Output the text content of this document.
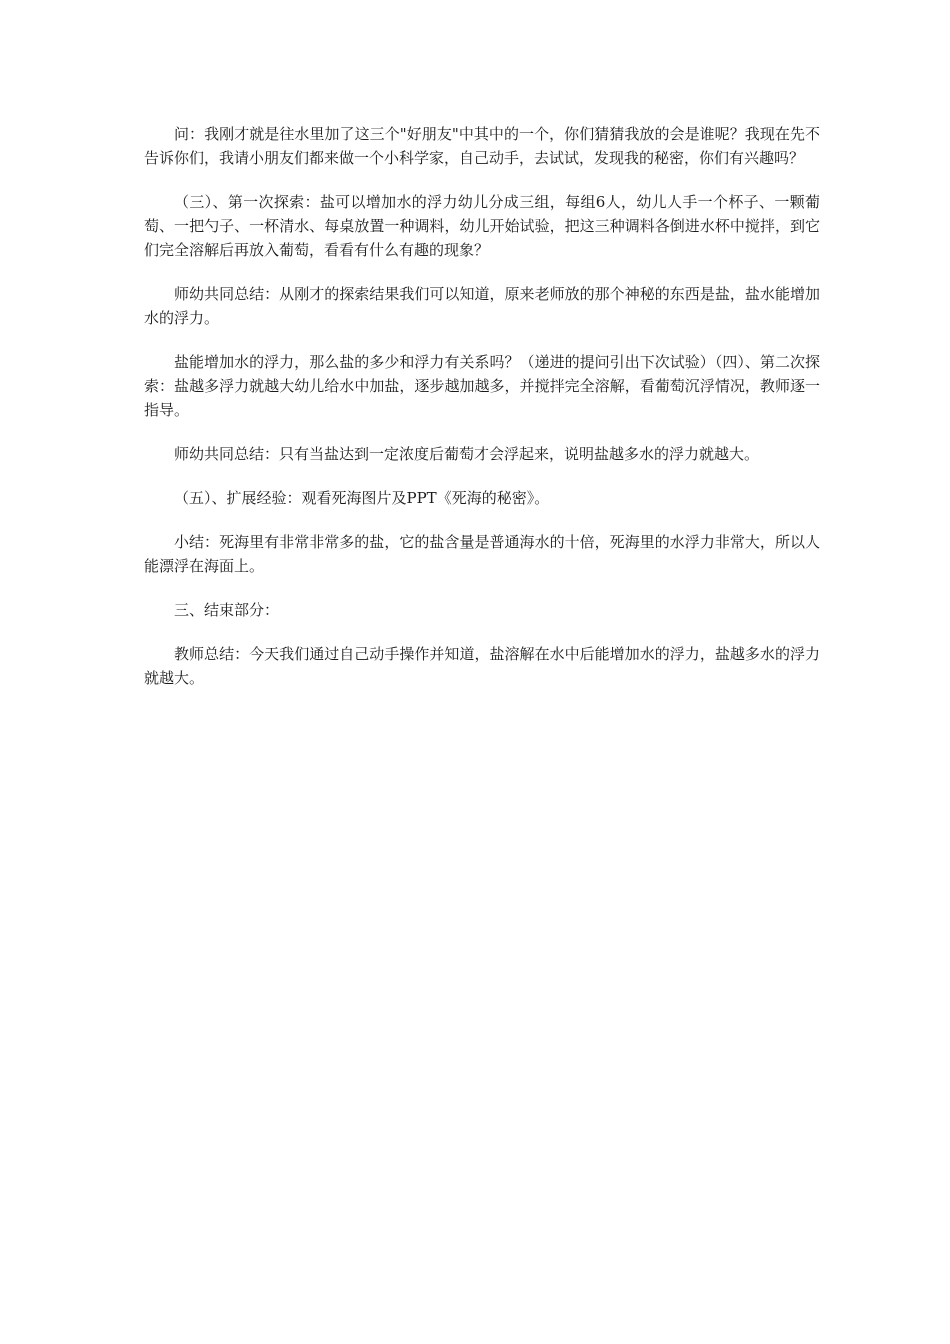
问：我刚才就是往水里加了这三个"好朋友"中其中的一个，你们猜猜我放的会是谁呢？我现在先不告诉你们，我请小朋友们都来做一个小科学家，自己动手，去试试，发现我的秘密，你们有兴趣吗？

（三）、第一次探索：盐可以增加水的浮力幼儿分成三组，每组6人，幼儿人手一个杯子、一颗葡萄、一把勺子、一杯清水、每桌放置一种调料，幼儿开始试验，把这三种调料各倒进水杯中搅拌，到它们完全溶解后再放入葡萄，看看有什么有趣的现象？

师幼共同总结：从刚才的探索结果我们可以知道，原来老师放的那个神秘的东西是盐，盐水能增加水的浮力。

盐能增加水的浮力，那么盐的多少和浮力有关系吗？（递进的提问引出下次试验）（四）、第二次探索：盐越多浮力就越大幼儿给水中加盐，逐步越加越多，并搅拌完全溶解，看葡萄沉浮情况，教师逐一指导。

师幼共同总结：只有当盐达到一定浓度后葡萄才会浮起来，说明盐越多水的浮力就越大。

（五）、扩展经验：观看死海图片及PPT《死海的秘密》。

小结：死海里有非常非常多的盐，它的盐含量是普通海水的十倍，死海里的水浮力非常大，所以人能漂浮在海面上。

三、结束部分：

教师总结：今天我们通过自己动手操作并知道，盐溶解在水中后能增加水的浮力，盐越多水的浮力就越大。
